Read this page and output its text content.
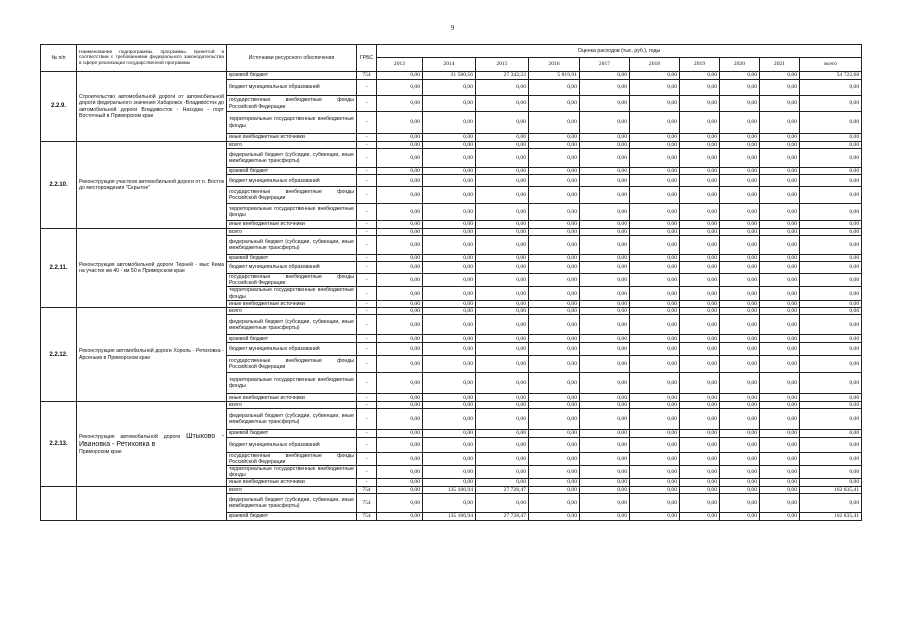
9
№ п/п	Наименование подпрограммы, программы, принятой в соответствии с требованиями федерального законодательства в сфере реализации государственной программы	Источники ресурсного обеспечения	ГРБС	Оценка расходов (тыс. руб.), годы									
				2013	2014	2015	2016	2017	2018	2019	2020	2021	всего
2.2.9.	Строительство автомобильной дороги от автомобильной дороги федерального значения Хабаровск -Владивосток до автомобильной дороги Владивосток - Находка - порт Восточный в Приморском крае	краевой бюджет	754	0,00	21 560,56	27 342,22	5 819,91	0,00	0,00	0,00	0,00	0,00	54 722,68
		бюджет муниципальных образований	-	0,00	0,00	0,00	0,00	0,00	0,00	0,00	0,00	0,00	0,00
		государственные внебюджетные фонды Российской Федерации	-	0,00	0,00	0,00	0,00	0,00	0,00	0,00	0,00	0,00	0,00
		территориальные государственные внебюджетные фонды	-	0,00	0,00	0,00	0,00	0,00	0,00	0,00	0,00	0,00	0,00
		иные внебюджетные источники	-	0,00	0,00	0,00	0,00	0,00	0,00	0,00	0,00	0,00	0,00
2.2.10.	Реконструкция участков автомобильной дороги от п. Восток до месторождения "Скрытое"	всего	-	0,00	0,00	0,00	0,00	0,00	0,00	0,00	0,00	0,00	0,00
		федеральный бюджет (субсидии, субвенции, иные межбюджетные трансферты)	-	0,00	0,00	0,00	0,00	0,00	0,00	0,00	0,00	0,00	0,00
		краевой бюджет	-	0,00	0,00	0,00	0,00	0,00	0,00	0,00	0,00	0,00	0,00
		бюджет муниципальных образований	-	0,00	0,00	0,00	0,00	0,00	0,00	0,00	0,00	0,00	0,00
		государственные внебюджетные фонды Российской Федерации	-	0,00	0,00	0,00	0,00	0,00	0,00	0,00	0,00	0,00	0,00
		территориальные государственные внебюджетные фонды	-	0,00	0,00	0,00	0,00	0,00	0,00	0,00	0,00	0,00	0,00
		иные внебюджетные источники	-	0,00	0,00	0,00	0,00	0,00	0,00	0,00	0,00	0,00	0,00
2.2.11.	Реконструкция автомобильной дороги Терней - мыс Кема на участке км 40 - км 50 в Приморском крае	всего	-	0,00	0,00	0,00	0,00	0,00	0,00	0,00	0,00	0,00	0,00
		федеральный бюджет (субсидии, субвенции, иные межбюджетные трансферты)	-	0,00	0,00	0,00	0,00	0,00	0,00	0,00	0,00	0,00	0,00
		краевой бюджет	-	0,00	0,00	0,00	0,00	0,00	0,00	0,00	0,00	0,00	0,00
		бюджет муниципальных образований	-	0,00	0,00	0,00	0,00	0,00	0,00	0,00	0,00	0,00	0,00
		государственные внебюджетные фонды Российской Федерации	-	0,00	0,00	0,00	0,00	0,00	0,00	0,00	0,00	0,00	0,00
		территориальные государственные внебюджетные фонды	-	0,00	0,00	0,00	0,00	0,00	0,00	0,00	0,00	0,00	0,00
		иные внебюджетные источники	-	0,00	0,00	0,00	0,00	0,00	0,00	0,00	0,00	0,00	0,00
2.2.12.	Реконструкция автомобильной дороги Хороль - Ретиховка - Арсеньев в Приморском крае	всего	-	0,00	0,00	0,00	0,00	0,00	0,00	0,00	0,00	0,00	0,00
		федеральный бюджет (субсидии, субвенции, иные межбюджетные трансферты)	-	0,00	0,00	0,00	0,00	0,00	0,00	0,00	0,00	0,00	0,00
		краевой бюджет	-	0,00	0,00	0,00	0,00	0,00	0,00	0,00	0,00	0,00	0,00
		бюджет муниципальных образований	-	0,00	0,00	0,00	0,00	0,00	0,00	0,00	0,00	0,00	0,00
		государственные внебюджетные фонды Российской Федерации	-	0,00	0,00	0,00	0,00	0,00	0,00	0,00	0,00	0,00	0,00
		территориальные государственные внебюджетные фонды	-	0,00	0,00	0,00	0,00	0,00	0,00	0,00	0,00	0,00	0,00
		иные внебюджетные источники	-	0,00	0,00	0,00	0,00	0,00	0,00	0,00	0,00	0,00	0,00
2.2.13.	Реконструкция автомобильной дороги Штыково - Ивановка - Ретиховка в
Приморском крае	всего	-	0,00	0,00	0,00	0,00	0,00	0,00	0,00	0,00	0,00	0,00
		федеральный бюджет (субсидии, субвенции, иные межбюджетные трансферты)	-	0,00	0,00	0,00	0,00	0,00	0,00	0,00	0,00	0,00	0,00
		краевой бюджет	-	0,00	0,00	0,00	0,00	0,00	0,00	0,00	0,00	0,00	0,00
		бюджет муниципальных образований	-	0,00	0,00	0,00	0,00	0,00	0,00	0,00	0,00	0,00	0,00
		государственные внебюджетные фонды Российской Федерации	-	0,00	0,00	0,00	0,00	0,00	0,00	0,00	0,00	0,00	0,00
		территориальные государственные внебюджетные фонды	-	0,00	0,00	0,00	0,00	0,00	0,00	0,00	0,00	0,00	0,00
		иные внебюджетные источники	-	0,00	0,00	0,00	0,00	0,00	0,00	0,00	0,00	0,00	0,00
		всего	754	0,00	135 106,94	27 728,47	0,00	0,00	0,00	0,00	0,00	0,00	162 835,41
		федеральный бюджет (субсидии, субвенции, иные межбюджетные трансферты)	754	0,00	0,00	0,00	0,00	0,00	0,00	0,00	0,00	0,00	0,00
		краевой бюджет	754	0,00	135 106,94	27 728,47	0,00	0,00	0,00	0,00	0,00	0,00	162 835,41
